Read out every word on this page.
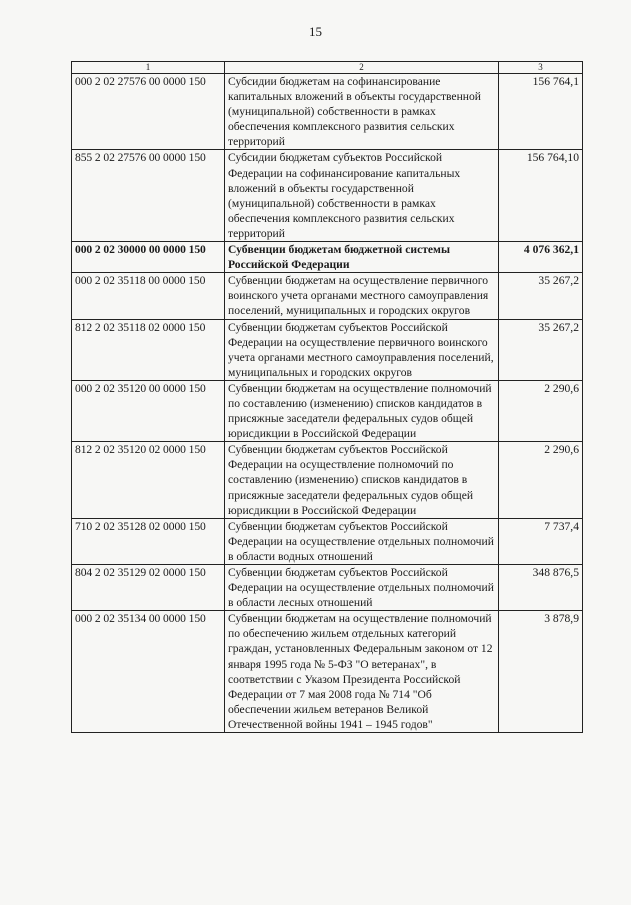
15
1	2	3
000 2 02 27576 00 0000 150	Субсидии бюджетам на софинансирование капитальных вложений в объекты государственной (муниципальной) собственности в рамках обеспечения комплексного развития сельских территорий	156 764,1
855 2 02 27576 00 0000 150	Субсидии бюджетам субъектов Российской Федерации на софинансирование капитальных вложений в объекты государственной (муниципальной) собственности в рамках обеспечения комплексного развития сельских территорий	156 764,10
000 2 02 30000 00 0000 150	Субвенции бюджетам бюджетной системы Российской Федерации	4 076 362,1
000 2 02 35118 00 0000 150	Субвенции бюджетам на осуществление первичного воинского учета органами местного самоуправления поселений, муниципальных и городских округов	35 267,2
812 2 02 35118 02 0000 150	Субвенции бюджетам субъектов Российской Федерации на осуществление первичного воинского учета органами местного самоуправления поселений, муниципальных и городских округов	35 267,2
000 2 02 35120 00 0000 150	Субвенции бюджетам на осуществление полномочий по составлению (изменению) списков кандидатов в присяжные заседатели федеральных судов общей юрисдикции в Российской Федерации	2 290,6
812 2 02 35120 02 0000 150	Субвенции бюджетам субъектов Российской Федерации на осуществление полномочий по составлению (изменению) списков кандидатов в присяжные заседатели федеральных судов общей юрисдикции в Российской Федерации	2 290,6
710 2 02 35128 02 0000 150	Субвенции бюджетам субъектов Российской Федерации на осуществление отдельных полномочий в области водных отношений	7 737,4
804 2 02 35129 02 0000 150	Субвенции бюджетам субъектов Российской Федерации на осуществление отдельных полномочий в области лесных отношений	348 876,5
000 2 02 35134 00 0000 150	Субвенции бюджетам на осуществление полномочий по обеспечению жильем отдельных категорий граждан, установленных Федеральным законом от 12 января 1995 года № 5-ФЗ "О ветеранах", в соответствии с Указом Президента Российской Федерации от 7 мая 2008 года № 714 "Об обеспечении жильем ветеранов Великой Отечественной войны 1941 – 1945 годов"	3 878,9
